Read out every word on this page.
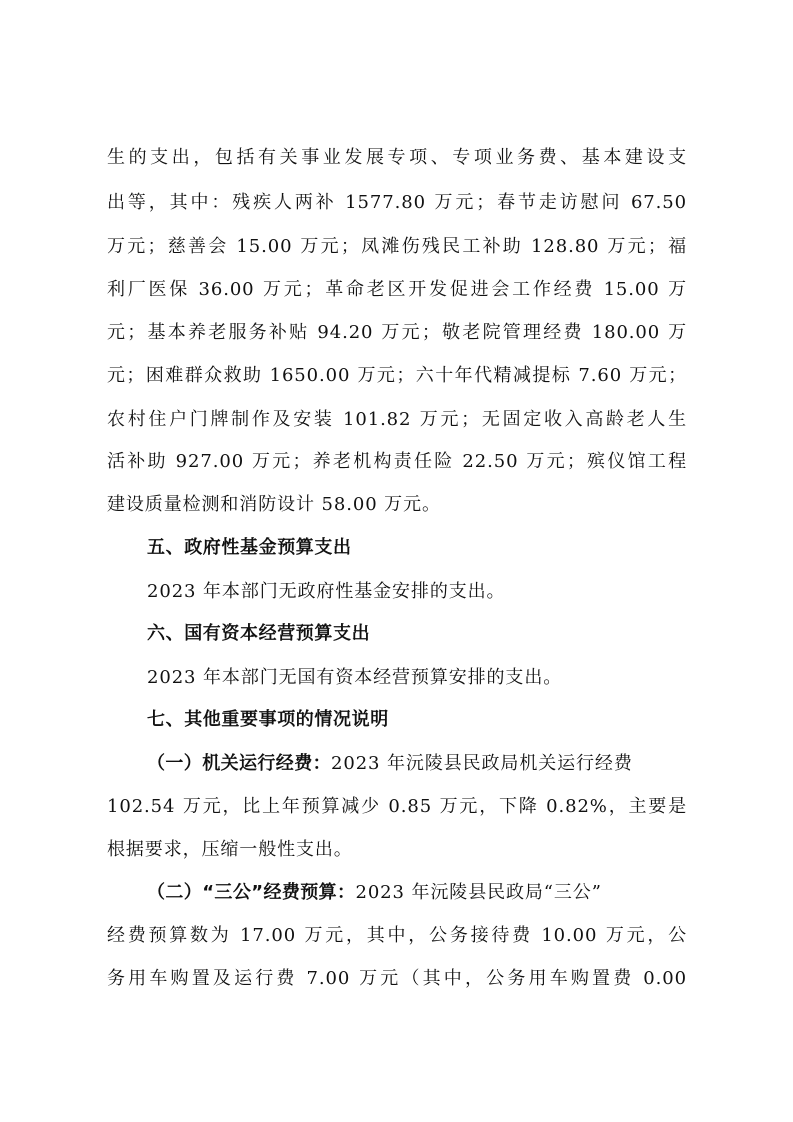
生的支出，包括有关事业发展专项、专项业务费、基本建设支
出等，其中：残疾人两补 1577.80 万元；春节走访慰问 67.50
万元；慈善会 15.00 万元；凤滩伤残民工补助 128.80 万元；福
利厂医保 36.00 万元；革命老区开发促进会工作经费 15.00 万
元；基本养老服务补贴 94.20 万元；敬老院管理经费 180.00 万
元；困难群众救助 1650.00 万元；六十年代精减提标 7.60 万元；
农村住户门牌制作及安装 101.82 万元；无固定收入高龄老人生
活补助 927.00 万元；养老机构责任险 22.50 万元；殡仪馆工程
建设质量检测和消防设计 58.00 万元。
五、政府性基金预算支出
2023 年本部门无政府性基金安排的支出。
六、国有资本经营预算支出
2023 年本部门无国有资本经营预算安排的支出。
七、其他重要事项的情况说明
（一）机关运行经费：2023 年沅陵县民政局机关运行经费
102.54 万元，比上年预算减少 0.85 万元，下降 0.82%，主要是
根据要求，压缩一般性支出。
（二）“三公”经费预算：2023 年沅陵县民政局“三公”
经费预算数为 17.00 万元，其中，公务接待费 10.00 万元，公
务用车购置及运行费 7.00 万元（其中，公务用车购置费 0.00
